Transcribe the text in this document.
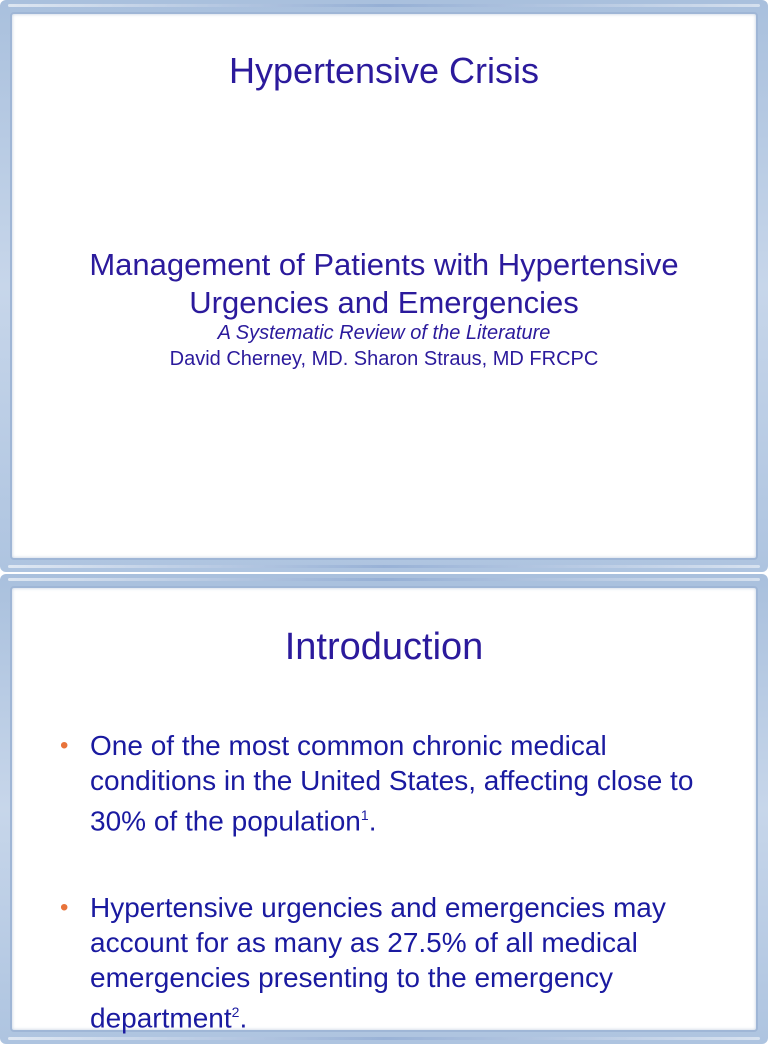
Hypertensive Crisis
Management of Patients with Hypertensive
Urgencies and Emergencies
A Systematic Review of the Literature
David Cherney, MD. Sharon Straus, MD FRCPC
Introduction
• One of the most common chronic medical conditions in the United States, affecting close to 30% of the population$^1$.
• Hypertensive urgencies and emergencies may account for as many as 27.5% of all medical emergencies presenting to the emergency department$^2$.
